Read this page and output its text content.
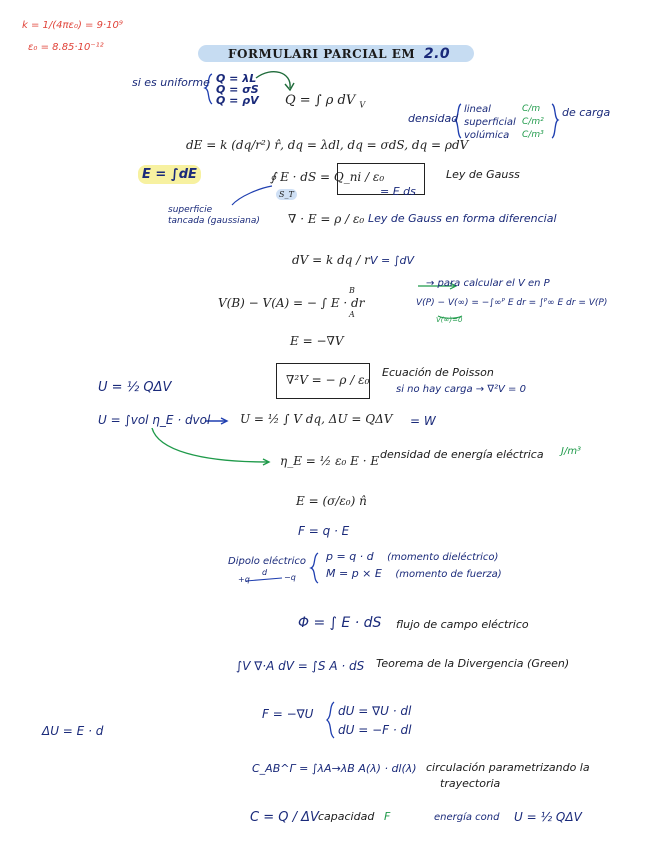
k = 1/(4πε₀) = 9·10⁹
ε₀ = 8.85·10⁻¹²	FORMULARI PARCIAL EM 2.0
si es uniforme Q = λL
Q = σS
Q = ρV Q = ∫ ρ dV $_V$
densidad
lineal
superficial
volúmica
C/m
C/m²
C/m³
de carga
dE = k (dq/r²) r̂, dq = λdl, dq = σdS, dq = ρdV
E = ∫dE	∮ E · dS = Q_ni / ε₀
= E ds
S_T
Ley de Gauss
superficie
tancada (gaussiana) ∇ · E = ρ / ε₀ Ley de Gauss en forma diferencial
dV = k dq / r V = ∫dV
V(B) − V(A) = − ∫ E · dr
B
A
→ para calcular el V en P
V(P) − V(∞) = −∫∞ᴾ E dr = ∫ᴾ∞ E dr = V(P)
V(∞)=0
E = −∇V
∇²V = − ρ / ε₀
Ecuación de Poisson
si no hay carga → ∇²V = 0
U = ½ QΔV
U = ∫vol η_E · dvol U = ½ ∫ V dq, ΔU = QΔV = W
η_E = ½ ε₀ E · E densidad de energía eléctrica J/m³
E = (σ/ε₀) n̂
F = q · E
Dipolo eléctrico
+q
d
−q
p = q · d (momento dieléctrico)
M = p × E (momento de fuerza)
Φ = ∫ E · dS flujo de campo eléctrico
∫V ∇·A dV = ∫S A · dS Teorema de la Divergencia (Green)
F = −∇U dU = ∇U · dl
dU = −F · dl
ΔU = E · d
C_AB^Γ = ∫λA→λB A(λ) · dl(λ) circulación parametrizando la
trayectoria
C = Q / ΔV capacidad F	energía cond U = ½ QΔV
